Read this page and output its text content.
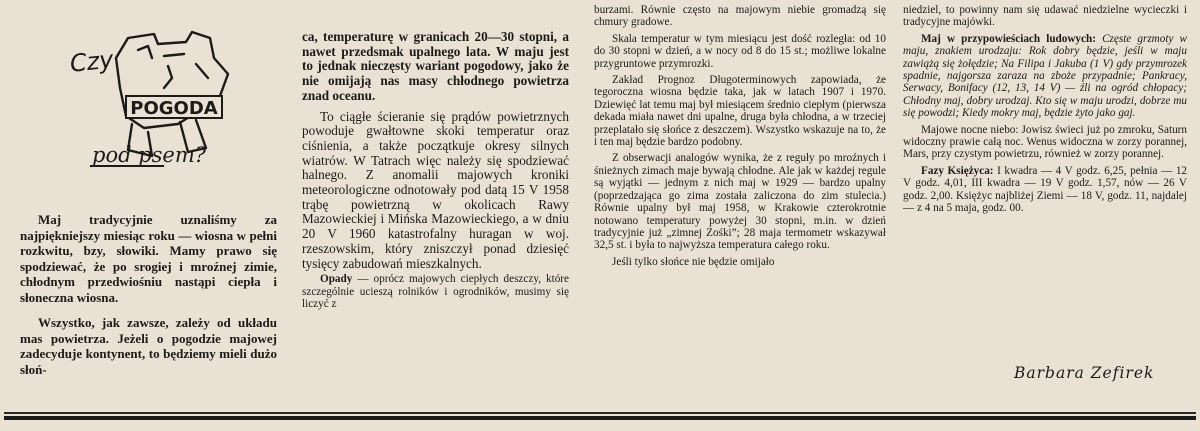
Czy
POGODA
pod psem?

Maj tradycyjnie uznaliśmy za najpiękniejszy miesiąc roku — wiosna w pełni rozkwitu, bzy, słowiki. Mamy prawo się spodziewać, że po srogiej i mroźnej zimie, chłodnym przedwiośniu nastąpi ciepła i słoneczna wiosna.

Wszystko, jak zawsze, zależy od układu mas powietrza. Jeżeli o pogodzie majowej zadecyduje kontynent, to będziemy mieli dużo słoń-

ca, temperaturę w granicach 20—30 stopni, a nawet przedsmak upalnego lata. W maju jest to jednak nieczęsty wariant pogodowy, jako że nie omijają nas masy chłodnego powietrza znad oceanu.

To ciągłe ścieranie się prądów powietrznych powoduje gwałtowne skoki temperatur oraz ciśnienia, a także początkuje okresy silnych wiatrów. W Tatrach więc należy się spodziewać halnego. Z anomalii majowych kroniki meteorologiczne odnotowały pod datą 15 V 1958 trąbę powietrzną w okolicach Rawy Mazowieckiej i Mińska Mazowieckiego, a w dniu 20 V 1960 katastrofalny huragan w woj. rzeszowskim, który zniszczył ponad dziesięć tysięcy zabudowań mieszkalnych.

Opady — oprócz majowych ciepłych deszczy, które szczególnie ucieszą rolników i ogrodników, musimy się liczyć z

burzami. Równie często na majowym niebie gromadzą się chmury gradowe.

Skala temperatur w tym miesiącu jest dość rozległa: od 10 do 30 stopni w dzień, a w nocy od 8 do 15 st.; możliwe lokalne przygruntowe przymrozki.

Zakład Prognoz Długoterminowych zapowiada, że tegoroczna wiosna będzie taka, jak w latach 1907 i 1970. Dziewięć lat temu maj był miesiącem średnio ciepłym (pierwsza dekada miała nawet dni upalne, druga była chłodna, a w trzeciej przeplatało się słońce z deszczem). Wszystko wskazuje na to, że i ten maj będzie bardzo podobny.

Z obserwacji analogów wynika, że z reguły po mroźnych i śnieżnych zimach maje bywają chłodne. Ale jak w każdej regule są wyjątki — jednym z nich maj w 1929 — bardzo upalny (poprzedzająca go zima została zaliczona do zim stulecia.) Równie upalny był maj 1958, w Krakowie czterokrotnie notowano temperatury powyżej 30 stopni, m.in. w dzień tradycyjnie już „zimnej Zośki”; 28 maja termometr wskazywał 32,5 st. i była to najwyższa temperatura całego roku.

Jeśli tylko słońce nie będzie omijało

niedziel, to powinny nam się udawać niedzielne wycieczki i tradycyjne majówki.

Maj w przypowieściach ludowych: Częste grzmoty w maju, znakiem urodzaju: Rok dobry będzie, jeśli w maju zawiążą się żołędzie; Na Filipa i Jakuba (1 V) gdy przymrozek spadnie, najgorsza zaraza na zboże przypadnie; Pankracy, Serwacy, Bonifacy (12, 13, 14 V) — źli na ogród chłopacy; Chłodny maj, dobry urodzaj. Kto się w maju urodzi, dobrze mu się powodzi; Kiedy mokry maj, będzie żyto jako gaj.

Majowe nocne niebo: Jowisz świeci już po zmroku, Saturn widoczny prawie całą noc. Wenus widoczna w zorzy porannej, Mars, przy czystym powietrzu, również w zorzy porannej.

Fazy Księżyca: I kwadra — 4 V godz. 6,25, pełnia — 12 V godz. 4,01, III kwadra — 19 V godz. 1,57, nów — 26 V godz. 2,00. Księżyc najbliżej Ziemi — 18 V, godz. 11, najdalej — z 4 na 5 maja, godz. 00.

Barbara Zefirek
